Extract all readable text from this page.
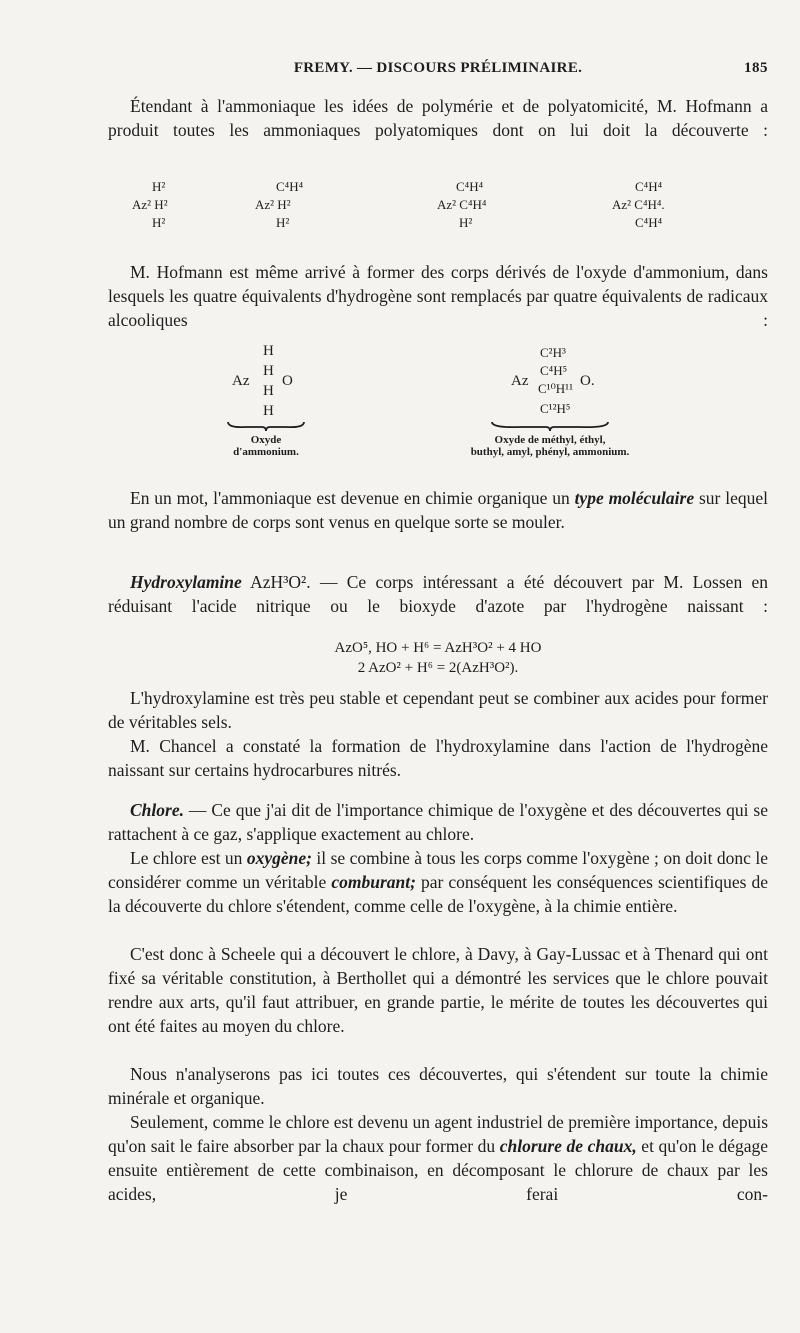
FREMY. — DISCOURS PRÉLIMINAIRE.	185
Étendant à l'ammoniaque les idées de polymérie et de polyatomicité, M. Hofmann a produit toutes les ammoniaques polyatomiques dont on lui doit la découverte :
H²
Az² H²
H²
C⁴H⁴
Az² H²
H²
C⁴H⁴
Az² C⁴H⁴
H²
C⁴H⁴
Az² C⁴H⁴.
C⁴H⁴
M. Hofmann est même arrivé à former des corps dérivés de l'oxyde d'ammonium, dans lesquels les quatre équivalents d'hydrogène sont remplacés par quatre équivalents de radicaux alcooliques :
H
H
Az O
H
H
Oxyde
d'ammonium.
C²H³
C⁴H⁵
Az C¹⁰H¹¹ O.
C¹²H⁵
Oxyde de méthyl, éthyl,
buthyl, amyl, phényl, ammonium.
En un mot, l'ammoniaque est devenue en chimie organique un type moléculaire sur lequel un grand nombre de corps sont venus en quelque sorte se mouler.
Hydroxylamine AzH³O². — Ce corps intéressant a été découvert par M. Lossen en réduisant l'acide nitrique ou le bioxyde d'azote par l'hydrogène naissant :
AzO⁵, HO + H⁶ = AzH³O² + 4 HO
2 AzO² + H⁶ = 2(AzH³O²).
L'hydroxylamine est très peu stable et cependant peut se combiner aux acides pour former de véritables sels.
M. Chancel a constaté la formation de l'hydroxylamine dans l'action de l'hydrogène naissant sur certains hydrocarbures nitrés.
Chlore. — Ce que j'ai dit de l'importance chimique de l'oxygène et des découvertes qui se rattachent à ce gaz, s'applique exactement au chlore.
Le chlore est un oxygène; il se combine à tous les corps comme l'oxygène ; on doit donc le considérer comme un véritable comburant; par conséquent les conséquences scientifiques de la découverte du chlore s'étendent, comme celle de l'oxygène, à la chimie entière.
C'est donc à Scheele qui a découvert le chlore, à Davy, à Gay-Lussac et à Thenard qui ont fixé sa véritable constitution, à Berthollet qui a démontré les services que le chlore pouvait rendre aux arts, qu'il faut attribuer, en grande partie, le mérite de toutes les découvertes qui ont été faites au moyen du chlore.
Nous n'analyserons pas ici toutes ces découvertes, qui s'étendent sur toute la chimie minérale et organique.
Seulement, comme le chlore est devenu un agent industriel de première importance, depuis qu'on sait le faire absorber par la chaux pour former du chlorure de chaux, et qu'on le dégage ensuite entièrement de cette combinaison, en décomposant le chlorure de chaux par les acides, je ferai con-
